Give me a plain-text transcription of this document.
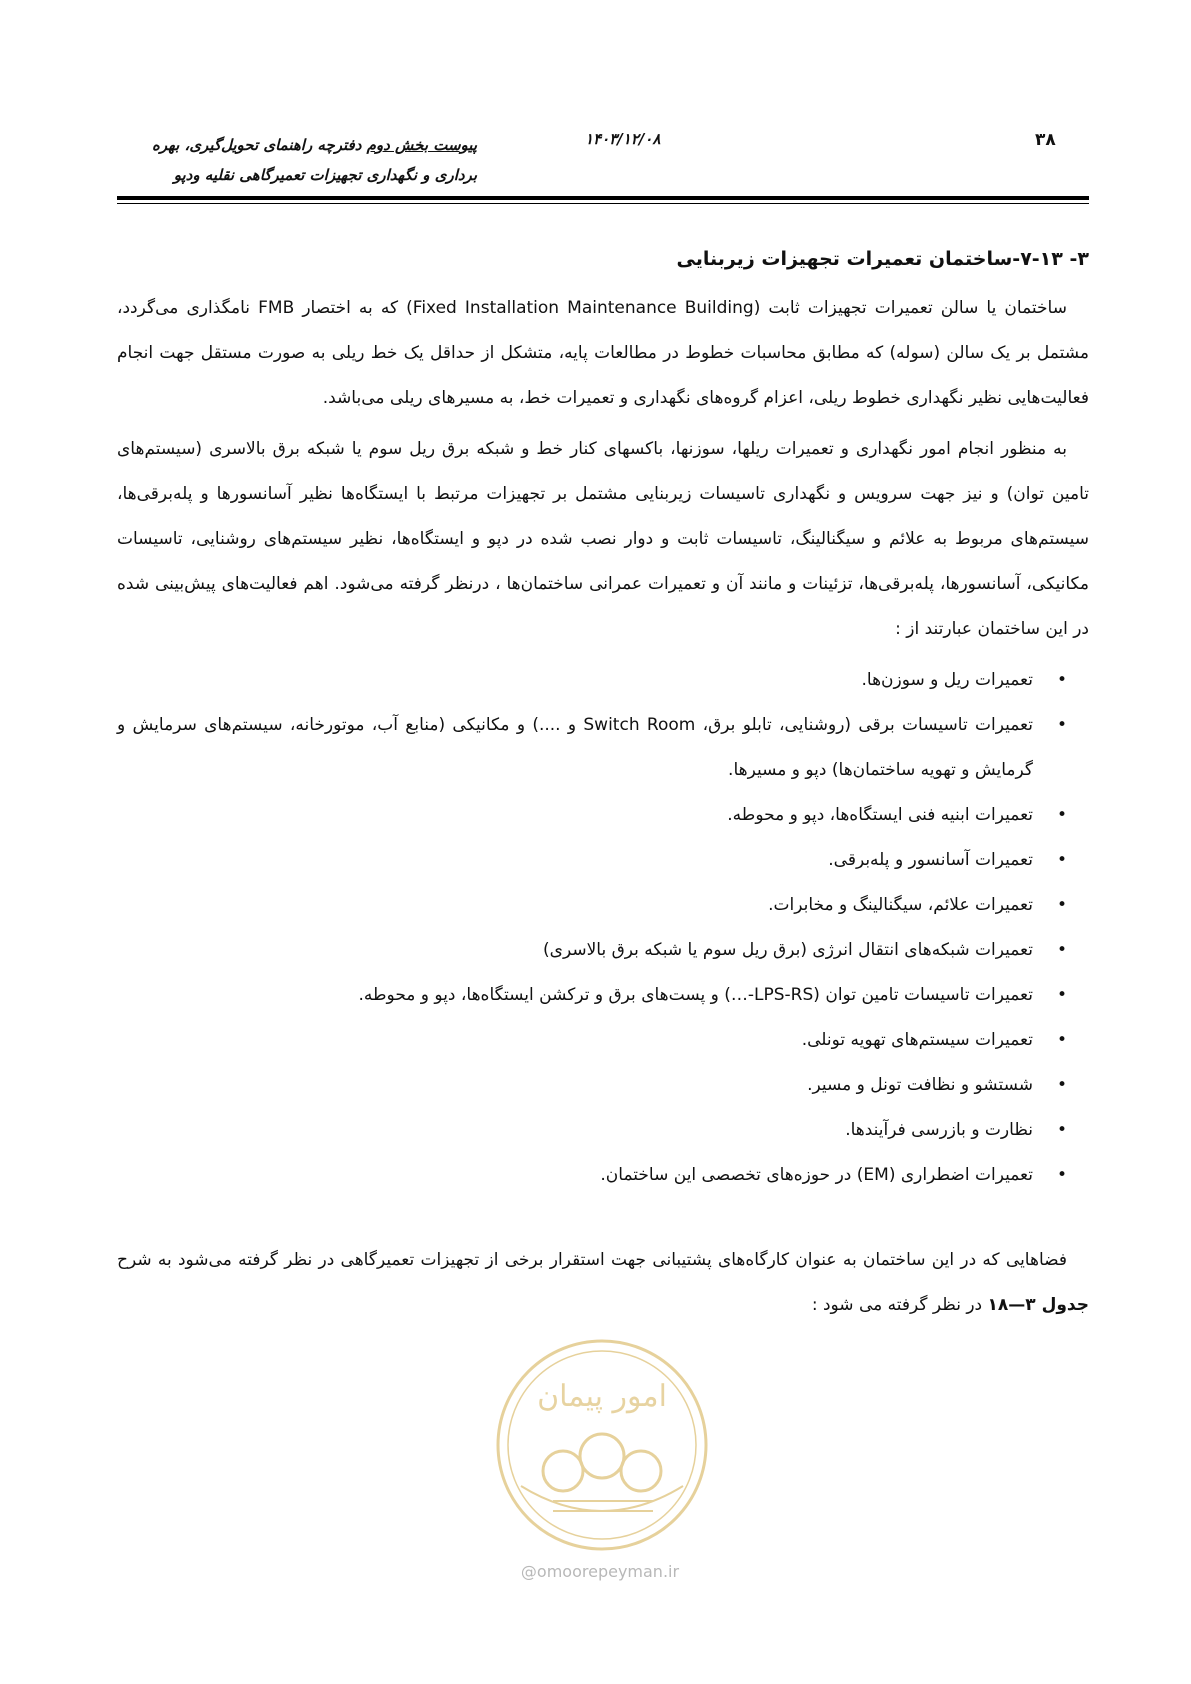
پیوست بخش دوم دفترچه راهنمای تحویل‌گیری، بهره
برداری و نگهداری تجهیزات تعمیرگاهی نقلیه ودپو
۱۴۰۳/۱۲/۰۸	۳۸
۳- ۷-۱۳-ساختمان تعمیرات تجهیزات زیربنایی

ساختمان یا سالن تعمیرات تجهیزات ثابت (Fixed Installation Maintenance Building) که به اختصار FMB نامگذاری می‌گردد، مشتمل بر یک سالن (سوله) که مطابق محاسبات خطوط در مطالعات پایه، متشکل از حداقل یک خط ریلی به صورت مستقل جهت انجام فعالیت‌هایی نظیر نگهداری خطوط ریلی، اعزام گروه‌های نگهداری و تعمیرات خط، به مسیرهای ریلی می‌باشد.

به منظور انجام امور نگهداری و تعمیرات ریلها، سوزنها، باکسهای کنار خط و شبکه برق ریل سوم یا شبکه برق بالاسری (سیستم‌های تامین توان) و نیز جهت سرویس و نگهداری تاسیسات زیربنایی مشتمل بر تجهیزات مرتبط با ایستگاه‌ها نظیر آسانسورها و پله‌برقی‌ها، سیستم‌های مربوط به علائم و سیگنالینگ، تاسیسات ثابت و دوار نصب شده در دپو و ایستگاه‌ها، نظیر سیستم‌های روشنایی، تاسیسات مکانیکی، آسانسورها، پله‌برقی‌ها، تزئینات و مانند آن و تعمیرات عمرانی ساختمان‌ها ، درنظر گرفته می‌شود. اهم فعالیت‌های پیش‌بینی شده در این ساختمان عبارتند از :

•
تعمیرات ریل و سوزن‌ها.
•
تعمیرات تاسیسات برقی (روشنایی، تابلو برق، Switch Room و ....) و مکانیکی (منابع آب، موتورخانه، سیستم‌های سرمایش و گرمایش و تهویه ساختمان‌ها) دپو و مسیرها.
•
تعمیرات ابنیه فنی ایستگاه‌ها، دپو و محوطه.
•
تعمیرات آسانسور و پله‌برقی.
•
تعمیرات علائم، سیگنالینگ و مخابرات.
•
تعمیرات شبکه‌های انتقال انرژی (برق ریل سوم یا شبکه برق بالاسری)
•
تعمیرات تاسیسات تامین توان (LPS-RS-…) و پست‌های برق و ترکشن ایستگاه‌ها، دپو و محوطه.
•
تعمیرات سیستم‌های تهویه تونلی.
•
شستشو و نظافت تونل و مسیر.
•
نظارت و بازرسی فرآیندها.
•
تعمیرات اضطراری (EM) در حوزه‌های تخصصی این ساختمان.

فضاهایی که در این ساختمان به عنوان کارگاه‌های پشتیبانی جهت استقرار برخی از تجهیزات تعمیرگاهی در نظر گرفته می‌شود به شرح جدول ۳—۱۸ در نظر گرفته می شود :

امور پیمان
@omoorepeyman.ir
